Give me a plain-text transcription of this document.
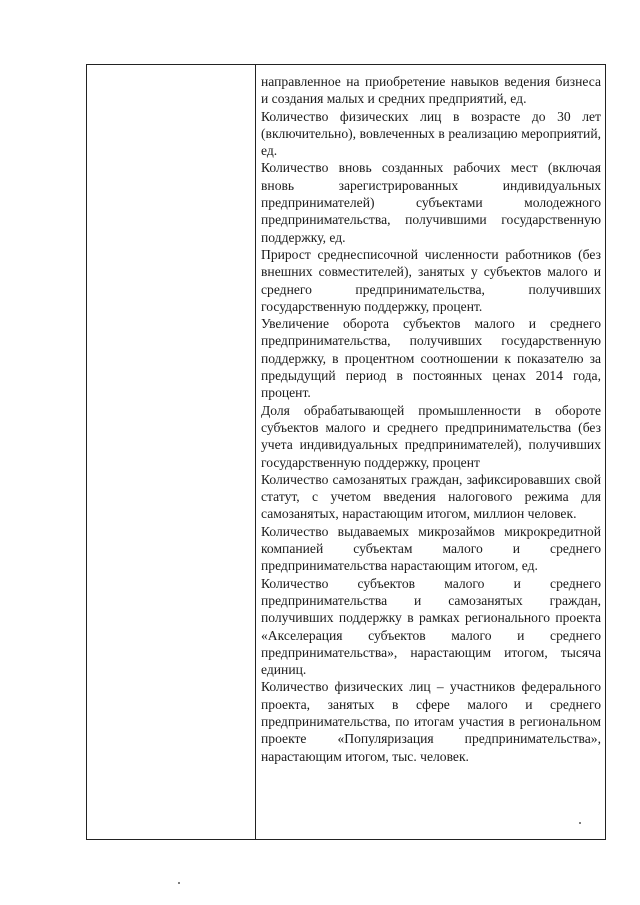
направленное на приобретение навыков ведения бизнеса и создания малых и средних предприятий, ед.

Количество физических лиц в возрасте до 30 лет (включительно), вовлеченных в реализацию мероприятий, ед.

Количество вновь созданных рабочих мест (включая вновь зарегистрированных индивидуальных предпринимателей) субъектами молодежного предпринимательства, получившими государственную поддержку, ед.

Прирост среднесписочной численности работников (без внешних совместителей), занятых у субъектов малого и среднего предпринимательства, получивших государственную поддержку, процент.

Увеличение оборота субъектов малого и среднего предпринимательства, получивших государственную поддержку, в процентном соотношении к показателю за предыдущий период в постоянных ценах 2014 года, процент.

Доля обрабатывающей промышленности в обороте субъектов малого и среднего предпринимательства (без учета индивидуальных предпринимателей), получивших государственную поддержку, процент

Количество самозанятых граждан, зафиксировавших свой статут, с учетом введения налогового режима для самозанятых, нарастающим итогом, миллион человек.

Количество выдаваемых микрозаймов микрокредитной компанией субъектам малого и среднего предпринимательства нарастающим итогом, ед.

Количество субъектов малого и среднего предпринимательства и самозанятых граждан, получивших поддержку в рамках регионального проекта «Акселерация субъектов малого и среднего предпринимательства», нарастающим итогом, тысяча единиц.

Количество физических лиц – участников федерального проекта, занятых в сфере малого и среднего предпринимательства, по итогам участия в региональном проекте «Популяризация предпринимательства», нарастающим итогом, тыс. человек.
